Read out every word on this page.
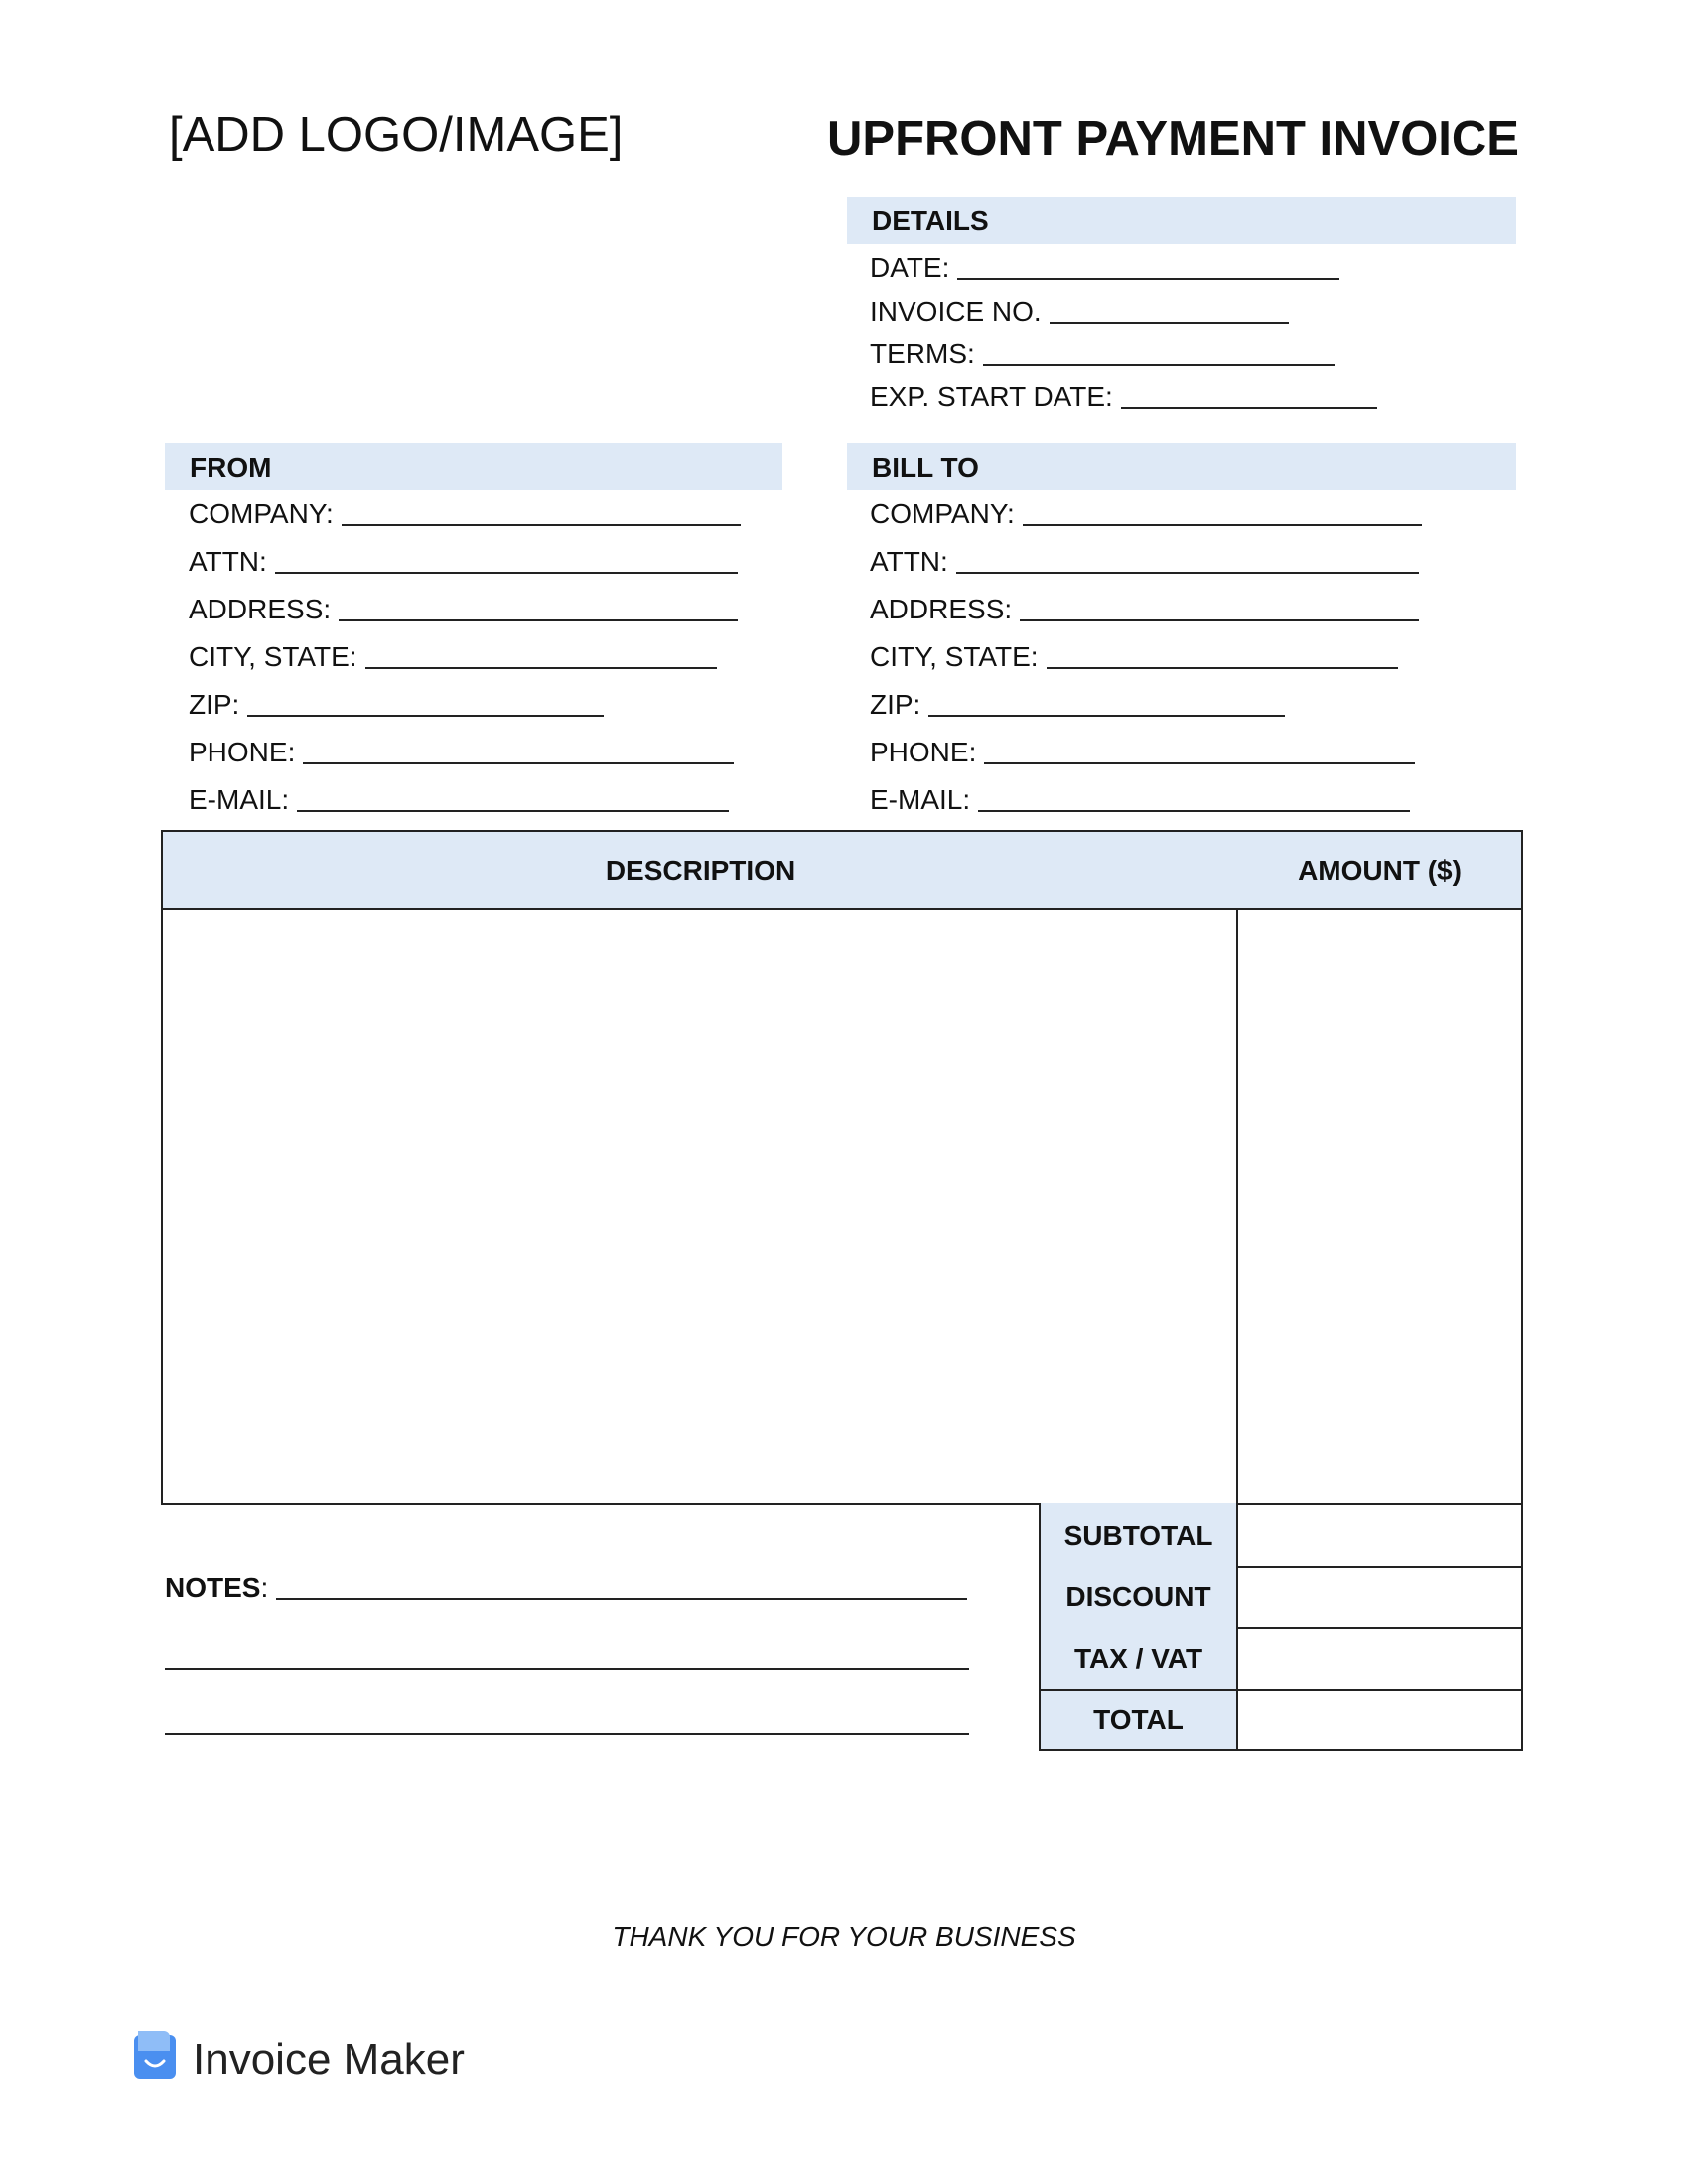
[ADD LOGO/IMAGE]	UPFRONT PAYMENT INVOICE
DETAILS
DATE:
INVOICE NO.
TERMS:
EXP. START DATE:
FROM
COMPANY:
ATTN:
ADDRESS:
CITY, STATE:
ZIP:
PHONE:
E-MAIL:
BILL TO
COMPANY:
ATTN:
ADDRESS:
CITY, STATE:
ZIP:
PHONE:
E-MAIL:
DESCRIPTION	AMOUNT ($)
SUBTOTAL
DISCOUNT
TAX / VAT
TOTAL
NOTES :
THANK YOU FOR YOUR BUSINESS
Invoice Maker
